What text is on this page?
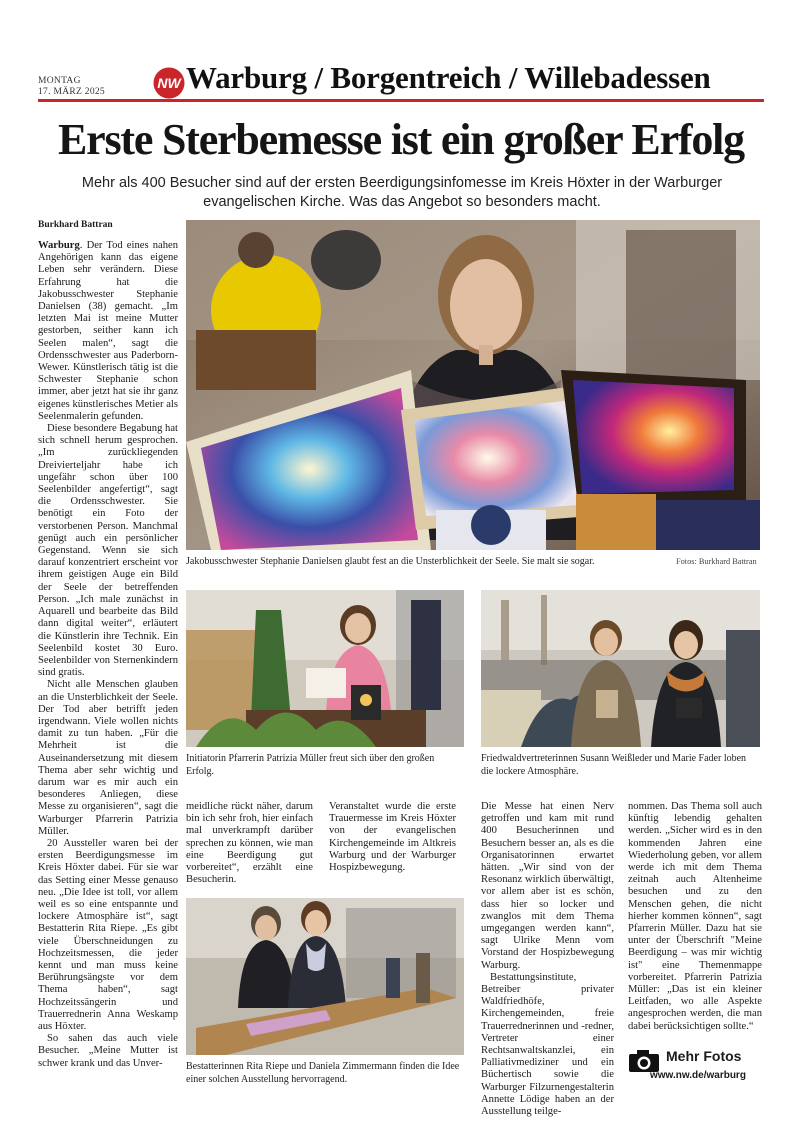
MONTAG
17. MÄRZ 2025
NW Warburg / Borgentreich / Willebadessen
Erste Sterbemesse ist ein großer Erfolg
Mehr als 400 Besucher sind auf der ersten Beerdigungsinfomesse im Kreis Höxter in der Warburger evangelischen Kirche. Was das Angebot so besonders macht.
Burkhard Battran

Warburg. Der Tod eines nahen Angehörigen kann das eigene Leben sehr verändern. Diese Erfahrung hat die Jakobusschwester Stephanie Danielsen (38) gemacht. „Im letzten Mai ist meine Mutter gestorben, seither kann ich Seelen malen“, sagt die Ordensschwester aus Paderborn-Wewer. Künstlerisch tätig ist die Schwester Stephanie schon immer, aber jetzt hat sie ihr ganz eigenes künstlerisches Metier als Seelenmalerin gefunden.

Diese besondere Begabung hat sich schnell herum gesprochen. „Im zurückliegenden Dreivierteljahr habe ich ungefähr schon über 100 Seelenbilder angefertigt“, sagt die Ordensschwester. Sie benötigt ein Foto der verstorbenen Person. Manchmal genügt auch ein persönlicher Gegenstand. Wenn sie sich darauf konzentriert erscheint vor ihrem geistigen Auge ein Bild der Seele der betreffenden Person. „Ich male zunächst in Aquarell und bearbeite das Bild dann digital weiter“, erläutert die Künstlerin ihre Technik. Ein Seelenbild kostet 30 Euro. Seelenbilder von Sternenkindern sind gratis.

Nicht alle Menschen glauben an die Unsterblichkeit der Seele. Der Tod aber betrifft jeden irgendwann. Viele wollen nichts damit zu tun haben. „Für die Mehrheit ist die Auseinandersetzung mit diesem Thema aber sehr wichtig und darum war es mir auch ein besonderes Anliegen, diese Messe zu organisieren“, sagt die Warburger Pfarrerin Patrizia Müller.

20 Aussteller waren bei der ersten Beerdigungsmesse im Kreis Höxter dabei. Für sie war das Setting einer Messe genauso neu. „Die Idee ist toll, vor allem weil es so eine entspannte und lockere Atmosphäre ist“, sagt Bestatterin Rita Riepe. „Es gibt viele Überschneidungen zu Hochzeitsmessen, die jeder kennt und man muss keine Berührungsängste vor dem Thema haben“, sagt Hochzeitssängerin und Trauerrednerin Anna Weskamp aus Höxter.

So sahen das auch viele Besucher. „Meine Mutter ist schwer krank und das Unver-

Jakobusschwester Stephanie Danielsen glaubt fest an die Unsterblichkeit der Seele. Sie malt sie sogar.	Fotos: Burkhard Battran
Initiatorin Pfarrerin Patrizia Müller freut sich über den großen Erfolg.
Friedwaldvertreterinnen Susann Weißleder und Marie Fader loben die lockere Atmosphäre.

meidliche rückt näher, darum bin ich sehr froh, hier einfach mal unverkrampft darüber sprechen zu können, wie man eine Beerdigung gut vorbereitet“, erzählt eine Besucherin.

Veranstaltet wurde die erste Trauermesse im Kreis Höxter von der evangelischen Kirchengemeinde im Altkreis Warburg und der Warburger Hospizbewegung.

Die Messe hat einen Nerv getroffen und kam mit rund 400 Besucherinnen und Besuchern besser an, als es die Organisatorinnen erwartet hätten. „Wir sind von der Resonanz wirklich überwältigt, vor allem aber ist es schön, dass hier so locker und zwanglos mit dem Thema umgegangen werden kann“, sagt Ulrike Menn vom Vorstand der Hospizbewegung Warburg.

Bestattungsinstitute, Betreiber privater Waldfriedhöfe, Kirchengemeinden, freie Trauerrednerinnen und -redner, Vertreter einer Rechtsanwaltskanzlei, ein Palliativmediziner und ein Büchertisch sowie die Warburger Filzurnengestalterin Annette Lödige haben an der Ausstellung teilge-

nommen. Das Thema soll auch künftig lebendig gehalten werden. „Sicher wird es in den kommenden Jahren eine Wiederholung geben, vor allem werde ich mit dem Thema zeitnah auch Altenheime besuchen und zu den Menschen gehen, die nicht hierher kommen können“, sagt Pfarrerin Müller. Dazu hat sie unter der Überschrift "Meine Beerdigung – was mir wichtig ist" eine Themenmappe vorbereitet. Pfarrerin Patrizia Müller: „Das ist ein kleiner Leitfaden, wo alle Aspekte angesprochen werden, die man dabei berücksichtigen sollte.“

Bestatterinnen Rita Riepe und Daniela Zimmermann finden die Idee einer solchen Ausstellung hervorragend.
Mehr Fotos
www.nw.de/warburg
